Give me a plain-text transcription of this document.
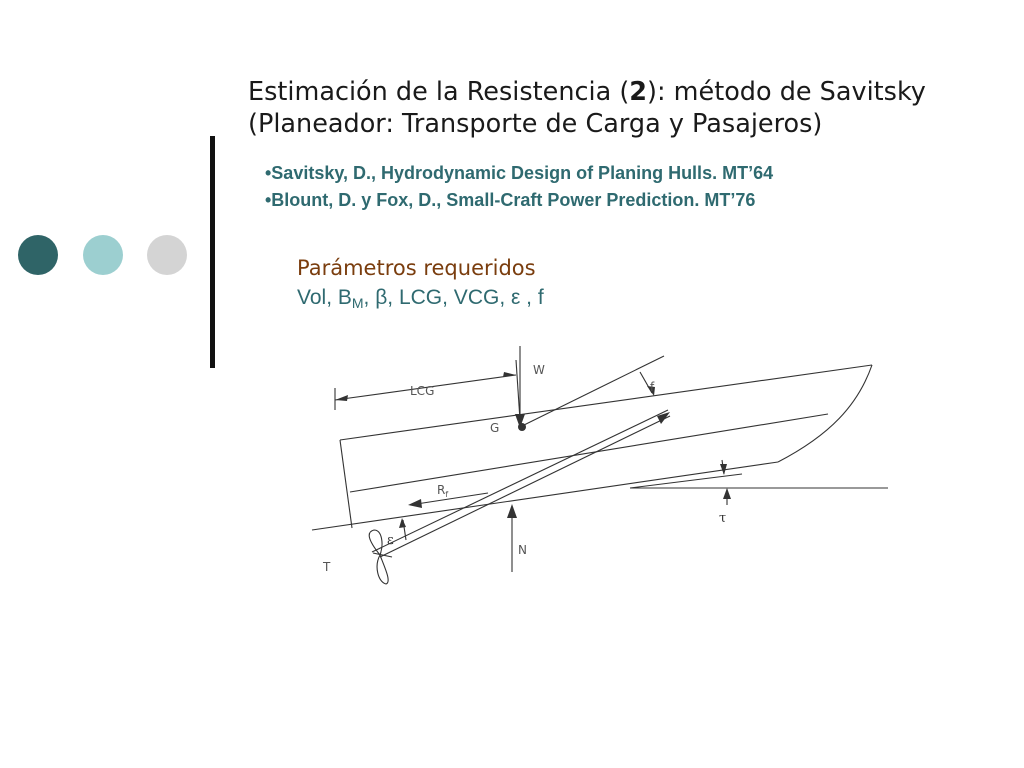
Estimación de la Resistencia (2): método de Savitsky
(Planeador: Transporte de Carga y Pasajeros)
•Savitsky, D., Hydrodynamic Design of Planing Hulls. MT’64
•Blount, D. y Fox, D., Small-Craft Power Prediction. MT’76
Parámetros requeridos
Vol, $B_M$, β, LCG, VCG, ε , f
LCG
W
f
G
$R_f$
ε
τ
N
T
